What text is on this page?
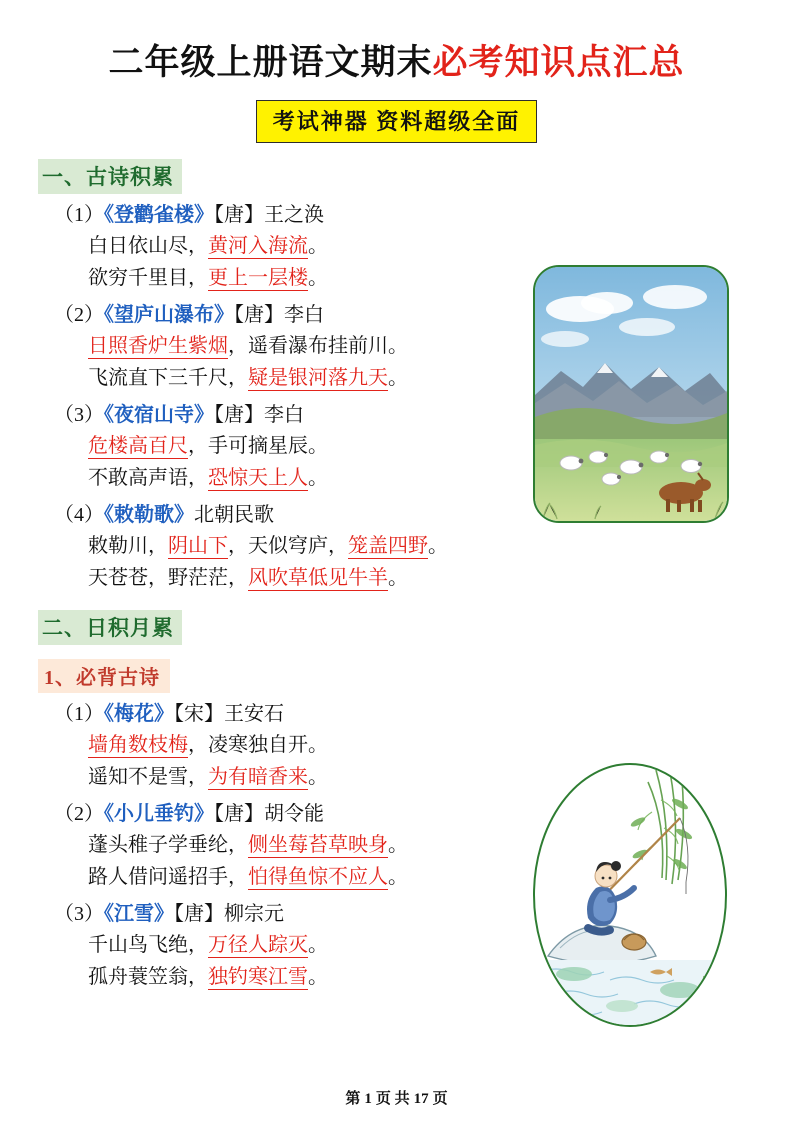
二年级上册语文期末必考知识点汇总
考试神器 资料超级全面
一、古诗积累
（1）《登鹳雀楼》【唐】王之涣
白日依山尽，黄河入海流。
欲穷千里目，更上一层楼。
（2）《望庐山瀑布》【唐】李白
日照香炉生紫烟，遥看瀑布挂前川。
飞流直下三千尺，疑是银河落九天。
（3）《夜宿山寺》【唐】李白
危楼高百尺，手可摘星辰。
不敢高声语，恐惊天上人。
（4）《敕勒歌》北朝民歌
敕勒川，阴山下，天似穹庐，笼盖四野。
天苍苍，野茫茫，风吹草低见牛羊。
二、日积月累
1、必背古诗
（1）《梅花》【宋】王安石
墙角数枝梅，凌寒独自开。
遥知不是雪，为有暗香来。
（2）《小儿垂钓》【唐】胡令能
蓬头稚子学垂纶，侧坐莓苔草映身。
路人借问遥招手，怕得鱼惊不应人。
（3）《江雪》【唐】柳宗元
千山鸟飞绝，万径人踪灭。
孤舟蓑笠翁，独钓寒江雪。
第 1 页 共 17 页
